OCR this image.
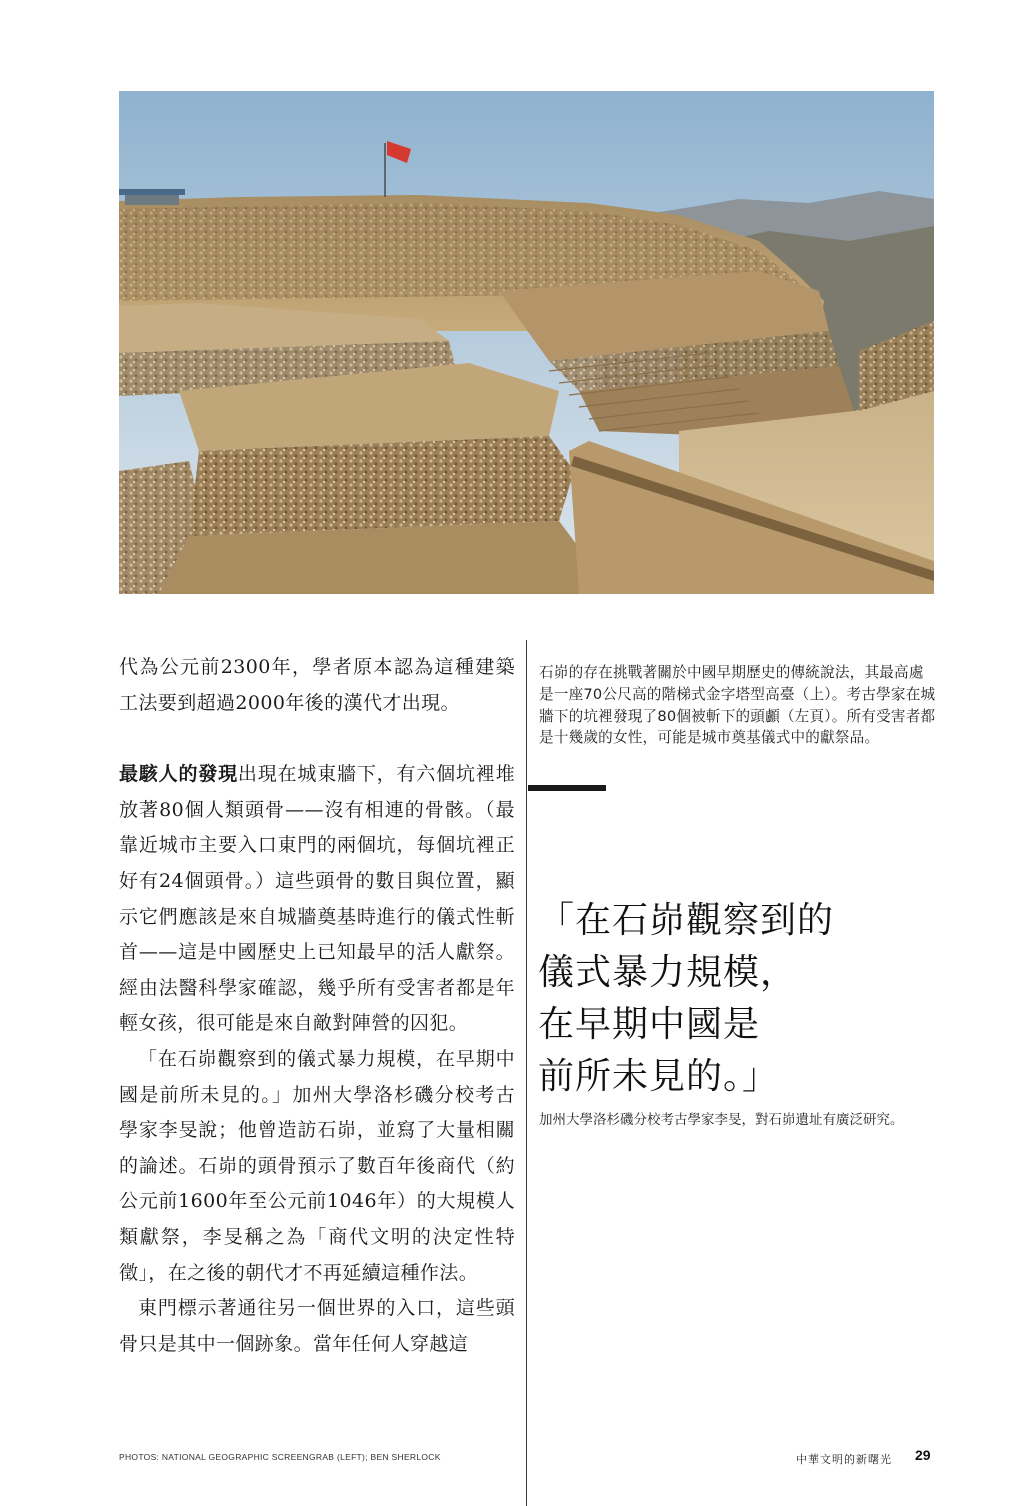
代為公元前2300年，學者原本認為這種建築工法要到超過2000年後的漢代才出現。

最駭人的發現出現在城東牆下，有六個坑裡堆放著80個人類頭骨——沒有相連的骨骸。（最靠近城市主要入口東門的兩個坑，每個坑裡正好有24個頭骨。）這些頭骨的數目與位置，顯示它們應該是來自城牆奠基時進行的儀式性斬首——這是中國歷史上已知最早的活人獻祭。經由法醫科學家確認，幾乎所有受害者都是年輕女孩，很可能是來自敵對陣營的囚犯。

「在石峁觀察到的儀式暴力規模，在早期中國是前所未見的。」加州大學洛杉磯分校考古學家李旻說；他曾造訪石峁，並寫了大量相關的論述。石峁的頭骨預示了數百年後商代（約公元前1600年至公元前1046年）的大規模人類獻祭，李旻稱之為「商代文明的決定性特徵」，在之後的朝代才不再延續這種作法。

東門標示著通往另一個世界的入口，這些頭骨只是其中一個跡象。當年任何人穿越這

石峁的存在挑戰著關於中國早期歷史的傳統說法，其最高處是一座70公尺高的階梯式金字塔型高臺（上）。考古學家在城牆下的坑裡發現了80個被斬下的頭顱（左頁）。所有受害者都是十幾歲的女性，可能是城市奠基儀式中的獻祭品。
「在石峁觀察到的
儀式暴力規模，
在早期中國是
前所未見的。」
加州大學洛杉磯分校考古學家李旻，對石峁遺址有廣泛研究。
PHOTOS: NATIONAL GEOGRAPHIC SCREENGRAB (LEFT); BEN SHERLOCK	中華文明的新曙光 29
